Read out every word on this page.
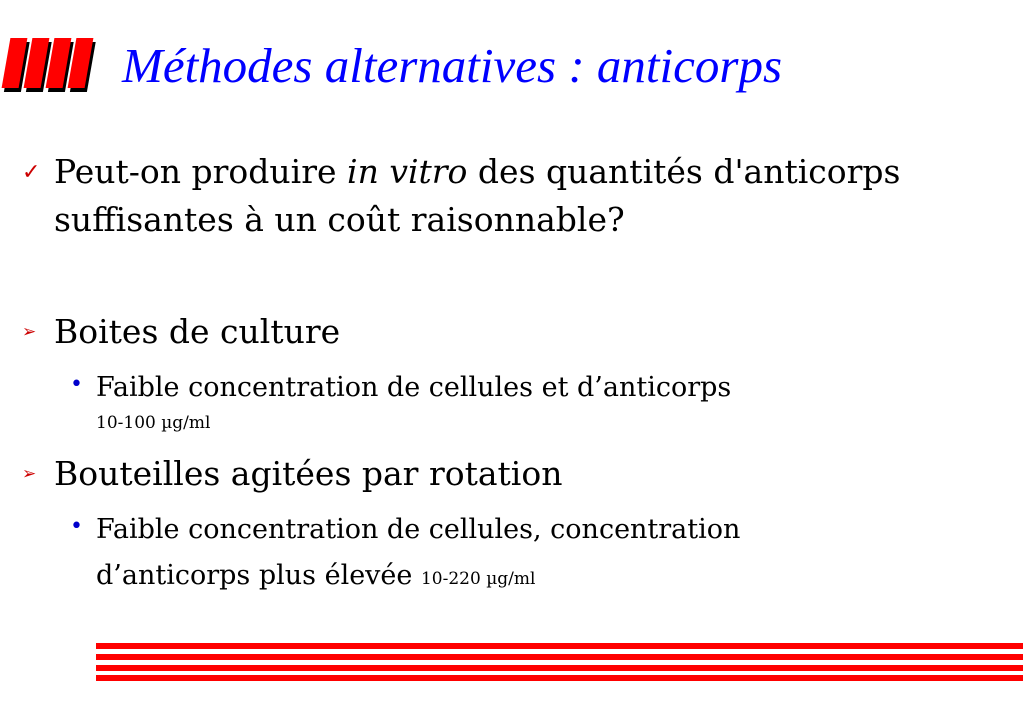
Méthodes alternatives : anticorps
✓ Peut-on produire in vitro des quantités d'anticorps
suffisantes à un coût raisonnable?
➢ Boites de culture
• Faible concentration de cellules et d’anticorps
10-100 µg/ml
➢ Bouteilles agitées par rotation
• Faible concentration de cellules, concentration
d’anticorps plus élevée 10-220 µg/ml
